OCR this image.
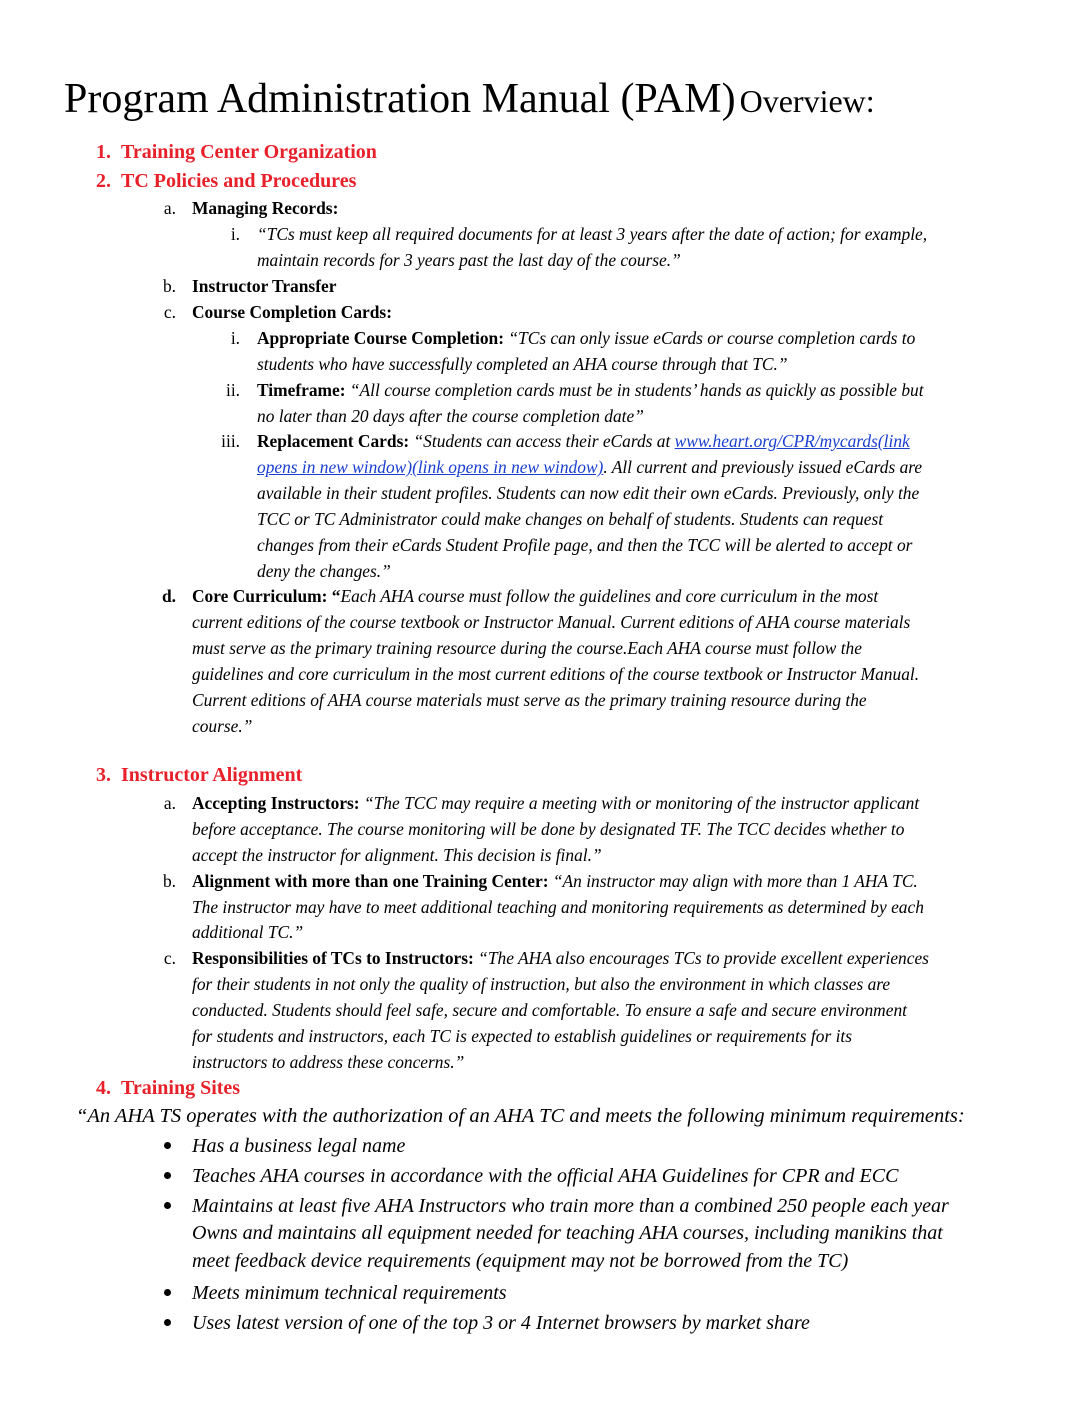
Program Administration Manual (PAM) Overview:
1. Training Center Organization
2. TC Policies and Procedures
a. Managing Records:
i. “TCs must keep all required documents for at least 3 years after the date of action; for example,
maintain records for 3 years past the last day of the course.”
b. Instructor Transfer
c. Course Completion Cards:
i. Appropriate Course Completion: “TCs can only issue eCards or course completion cards to
students who have successfully completed an AHA course through that TC.”
ii. Timeframe: “All course completion cards must be in students’ hands as quickly as possible but
no later than 20 days after the course completion date”
iii. Replacement Cards: “Students can access their eCards at www.heart.org/CPR/mycards(link
opens in new window)(link opens in new window). All current and previously issued eCards are
available in their student profiles. Students can now edit their own eCards. Previously, only the
TCC or TC Administrator could make changes on behalf of students. Students can request
changes from their eCards Student Profile page, and then the TCC will be alerted to accept or
deny the changes.”
d. Core Curriculum: “Each AHA course must follow the guidelines and core curriculum in the most
current editions of the course textbook or Instructor Manual. Current editions of AHA course materials
must serve as the primary training resource during the course.Each AHA course must follow the
guidelines and core curriculum in the most current editions of the course textbook or Instructor Manual.
Current editions of AHA course materials must serve as the primary training resource during the
course.”
3. Instructor Alignment
a. Accepting Instructors: “The TCC may require a meeting with or monitoring of the instructor applicant
before acceptance. The course monitoring will be done by designated TF. The TCC decides whether to
accept the instructor for alignment. This decision is final.”
b. Alignment with more than one Training Center: “An instructor may align with more than 1 AHA TC.
The instructor may have to meet additional teaching and monitoring requirements as determined by each
additional TC.”
c. Responsibilities of TCs to Instructors: “The AHA also encourages TCs to provide excellent experiences
for their students in not only the quality of instruction, but also the environment in which classes are
conducted. Students should feel safe, secure and comfortable. To ensure a safe and secure environment
for students and instructors, each TC is expected to establish guidelines or requirements for its
instructors to address these concerns.”
4. Training Sites
“An AHA TS operates with the authorization of an AHA TC and meets the following minimum requirements:
Has a business legal name
Teaches AHA courses in accordance with the official AHA Guidelines for CPR and ECC
Maintains at least five AHA Instructors who train more than a combined 250 people each year
Owns and maintains all equipment needed for teaching AHA courses, including manikins that
meet feedback device requirements (equipment may not be borrowed from the TC)
Meets minimum technical requirements
Uses latest version of one of the top 3 or 4 Internet browsers by market share
